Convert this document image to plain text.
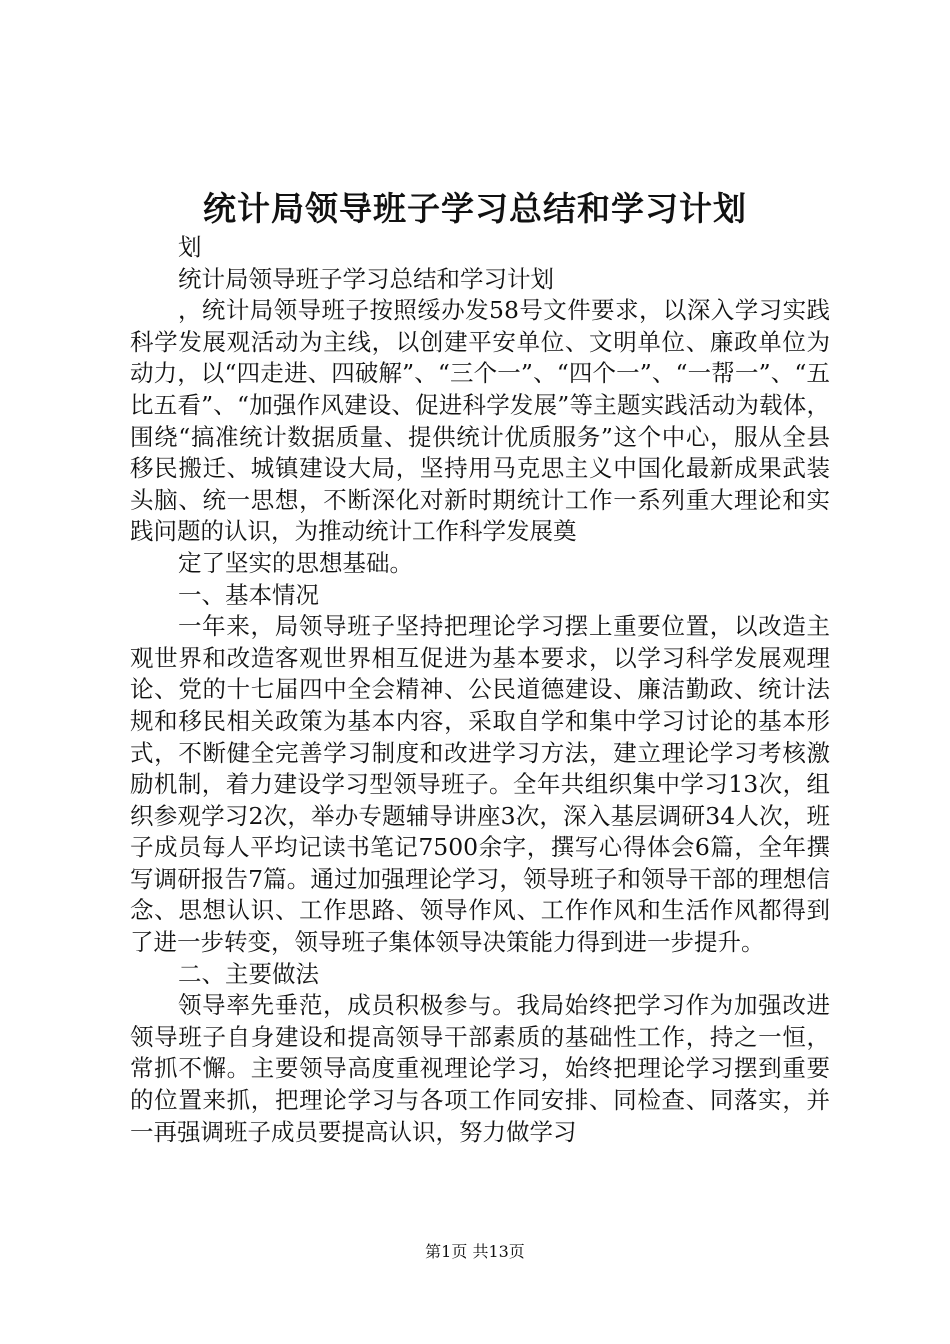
统计局领导班子学习总结和学习计划

划

统计局领导班子学习总结和学习计划

，统计局领导班子按照绥办发58号文件要求，以深入学习实践科学发展观活动为主线，以创建平安单位、文明单位、廉政单位为动力，以“四走进、四破解”、“三个一”、“四个一”、“一帮一”、“五比五看”、“加强作风建设、促进科学发展”等主题实践活动为载体，围绕“搞准统计数据质量、提供统计优质服务”这个中心，服从全县移民搬迁、城镇建设大局，坚持用马克思主义中国化最新成果武装头脑、统一思想，不断深化对新时期统计工作一系列重大理论和实践问题的认识，为推动统计工作科学发展奠

定了坚实的思想基础。

一、基本情况

一年来，局领导班子坚持把理论学习摆上重要位置，以改造主观世界和改造客观世界相互促进为基本要求，以学习科学发展观理论、党的十七届四中全会精神、公民道德建设、廉洁勤政、统计法规和移民相关政策为基本内容，采取自学和集中学习讨论的基本形式，不断健全完善学习制度和改进学习方法，建立理论学习考核激励机制，着力建设学习型领导班子。全年共组织集中学习13次，组织参观学习2次，举办专题辅导讲座3次，深入基层调研34人次，班子成员每人平均记读书笔记7500余字，撰写心得体会6篇，全年撰写调研报告7篇。通过加强理论学习，领导班子和领导干部的理想信念、思想认识、工作思路、领导作风、工作作风和生活作风都得到了进一步转变，领导班子集体领导决策能力得到进一步提升。

二、主要做法

领导率先垂范，成员积极参与。我局始终把学习作为加强改进领导班子自身建设和提高领导干部素质的基础性工作，持之一恒，常抓不懈。主要领导高度重视理论学习，始终把理论学习摆到重要的位置来抓，把理论学习与各项工作同安排、同检查、同落实，并一再强调班子成员要提高认识，努力做学习

第1页 共13页
